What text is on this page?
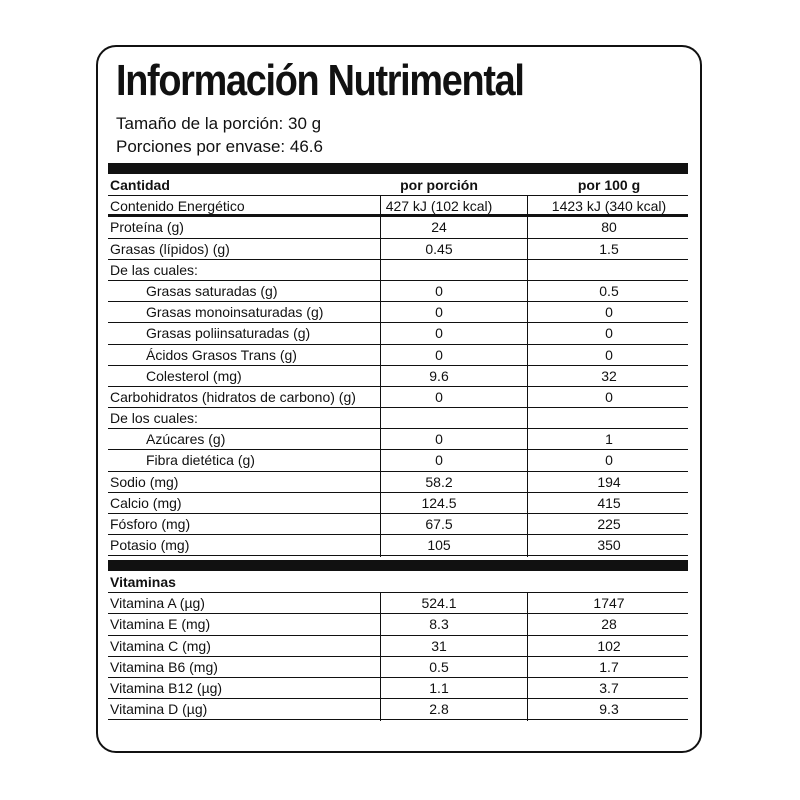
Información Nutrimental
Tamaño de la porción: 30 g
Porciones por envase: 46.6
Cantidad	por porción	por 100 g
Contenido Energético	427 kJ (102 kcal)	1423 kJ (340 kcal)
Proteína (g)	24	80
Grasas (lípidos) (g)	0.45	1.5
De las cuales:
Grasas saturadas (g)	0	0.5
Grasas monoinsaturadas (g)	0	0
Grasas poliinsaturadas (g)	0	0
Ácidos Grasos Trans (g)	0	0
Colesterol (mg)	9.6	32
Carbohidratos (hidratos de carbono) (g)	0	0
De los cuales:
Azúcares (g)	0	1
Fibra dietética (g)	0	0
Sodio (mg)	58.2	194
Calcio (mg)	124.5	415
Fósforo (mg)	67.5	225
Potasio (mg)	105	350
Vitaminas
Vitamina A (µg)	524.1	1747
Vitamina E (mg)	8.3	28
Vitamina C (mg)	31	102
Vitamina B6 (mg)	0.5	1.7
Vitamina B12 (µg)	1.1	3.7
Vitamina D (µg)	2.8	9.3
